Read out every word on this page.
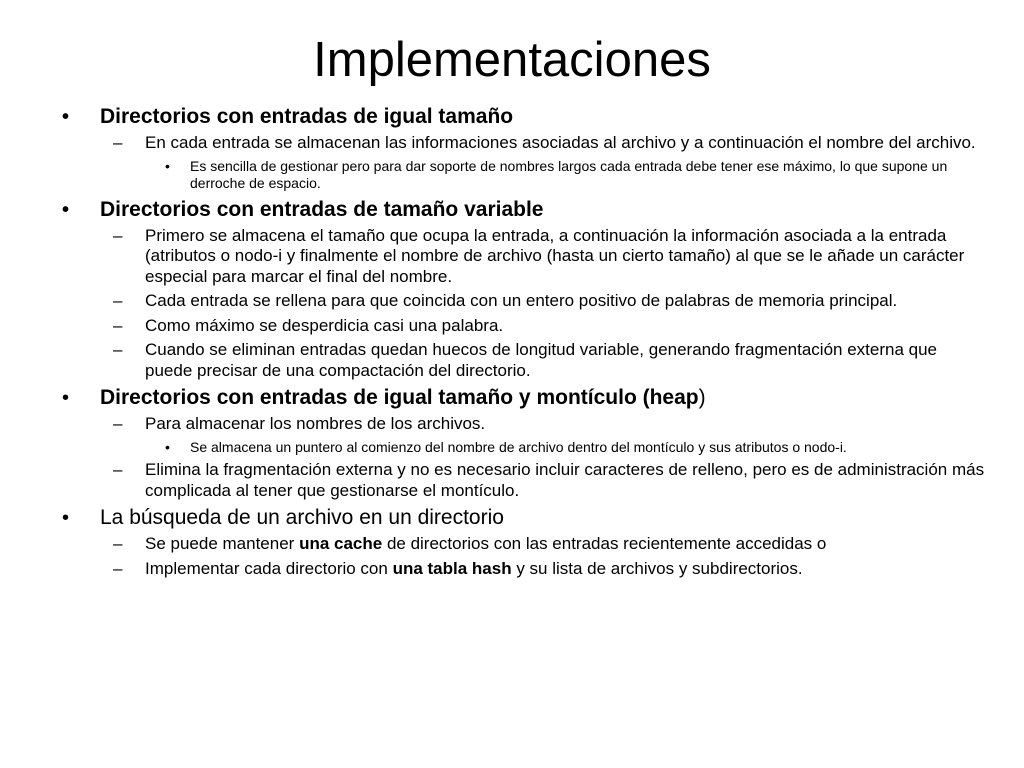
Implementaciones

• Directorios con entradas de igual tamaño

– En cada entrada se almacenan las informaciones asociadas al archivo y a continuación el nombre del archivo.

• Es sencilla de gestionar pero para dar soporte de nombres largos cada entrada debe tener ese máximo, lo que supone un derroche de espacio.

• Directorios con entradas de tamaño variable

– Primero se almacena el tamaño que ocupa la entrada, a continuación la información asociada a la entrada (atributos o nodo-i y finalmente el nombre de archivo (hasta un cierto tamaño) al que se le añade un carácter especial para marcar el final del nombre.

– Cada entrada se rellena para que coincida con un entero positivo de palabras de memoria principal.

– Como máximo se desperdicia casi una palabra.

– Cuando se eliminan entradas quedan huecos de longitud variable, generando fragmentación externa que puede precisar de una compactación del directorio.

• Directorios con entradas de igual tamaño y montículo (heap)

– Para almacenar los nombres de los archivos.

• Se almacena un puntero al comienzo del nombre de archivo dentro del montículo y sus atributos o nodo-i.

– Elimina la fragmentación externa y no es necesario incluir caracteres de relleno, pero es de administración más complicada al tener que gestionarse el montículo.

• La búsqueda de un archivo en un directorio

– Se puede mantener una cache de directorios con las entradas recientemente accedidas o

– Implementar cada directorio con una tabla hash y su lista de archivos y subdirectorios.
